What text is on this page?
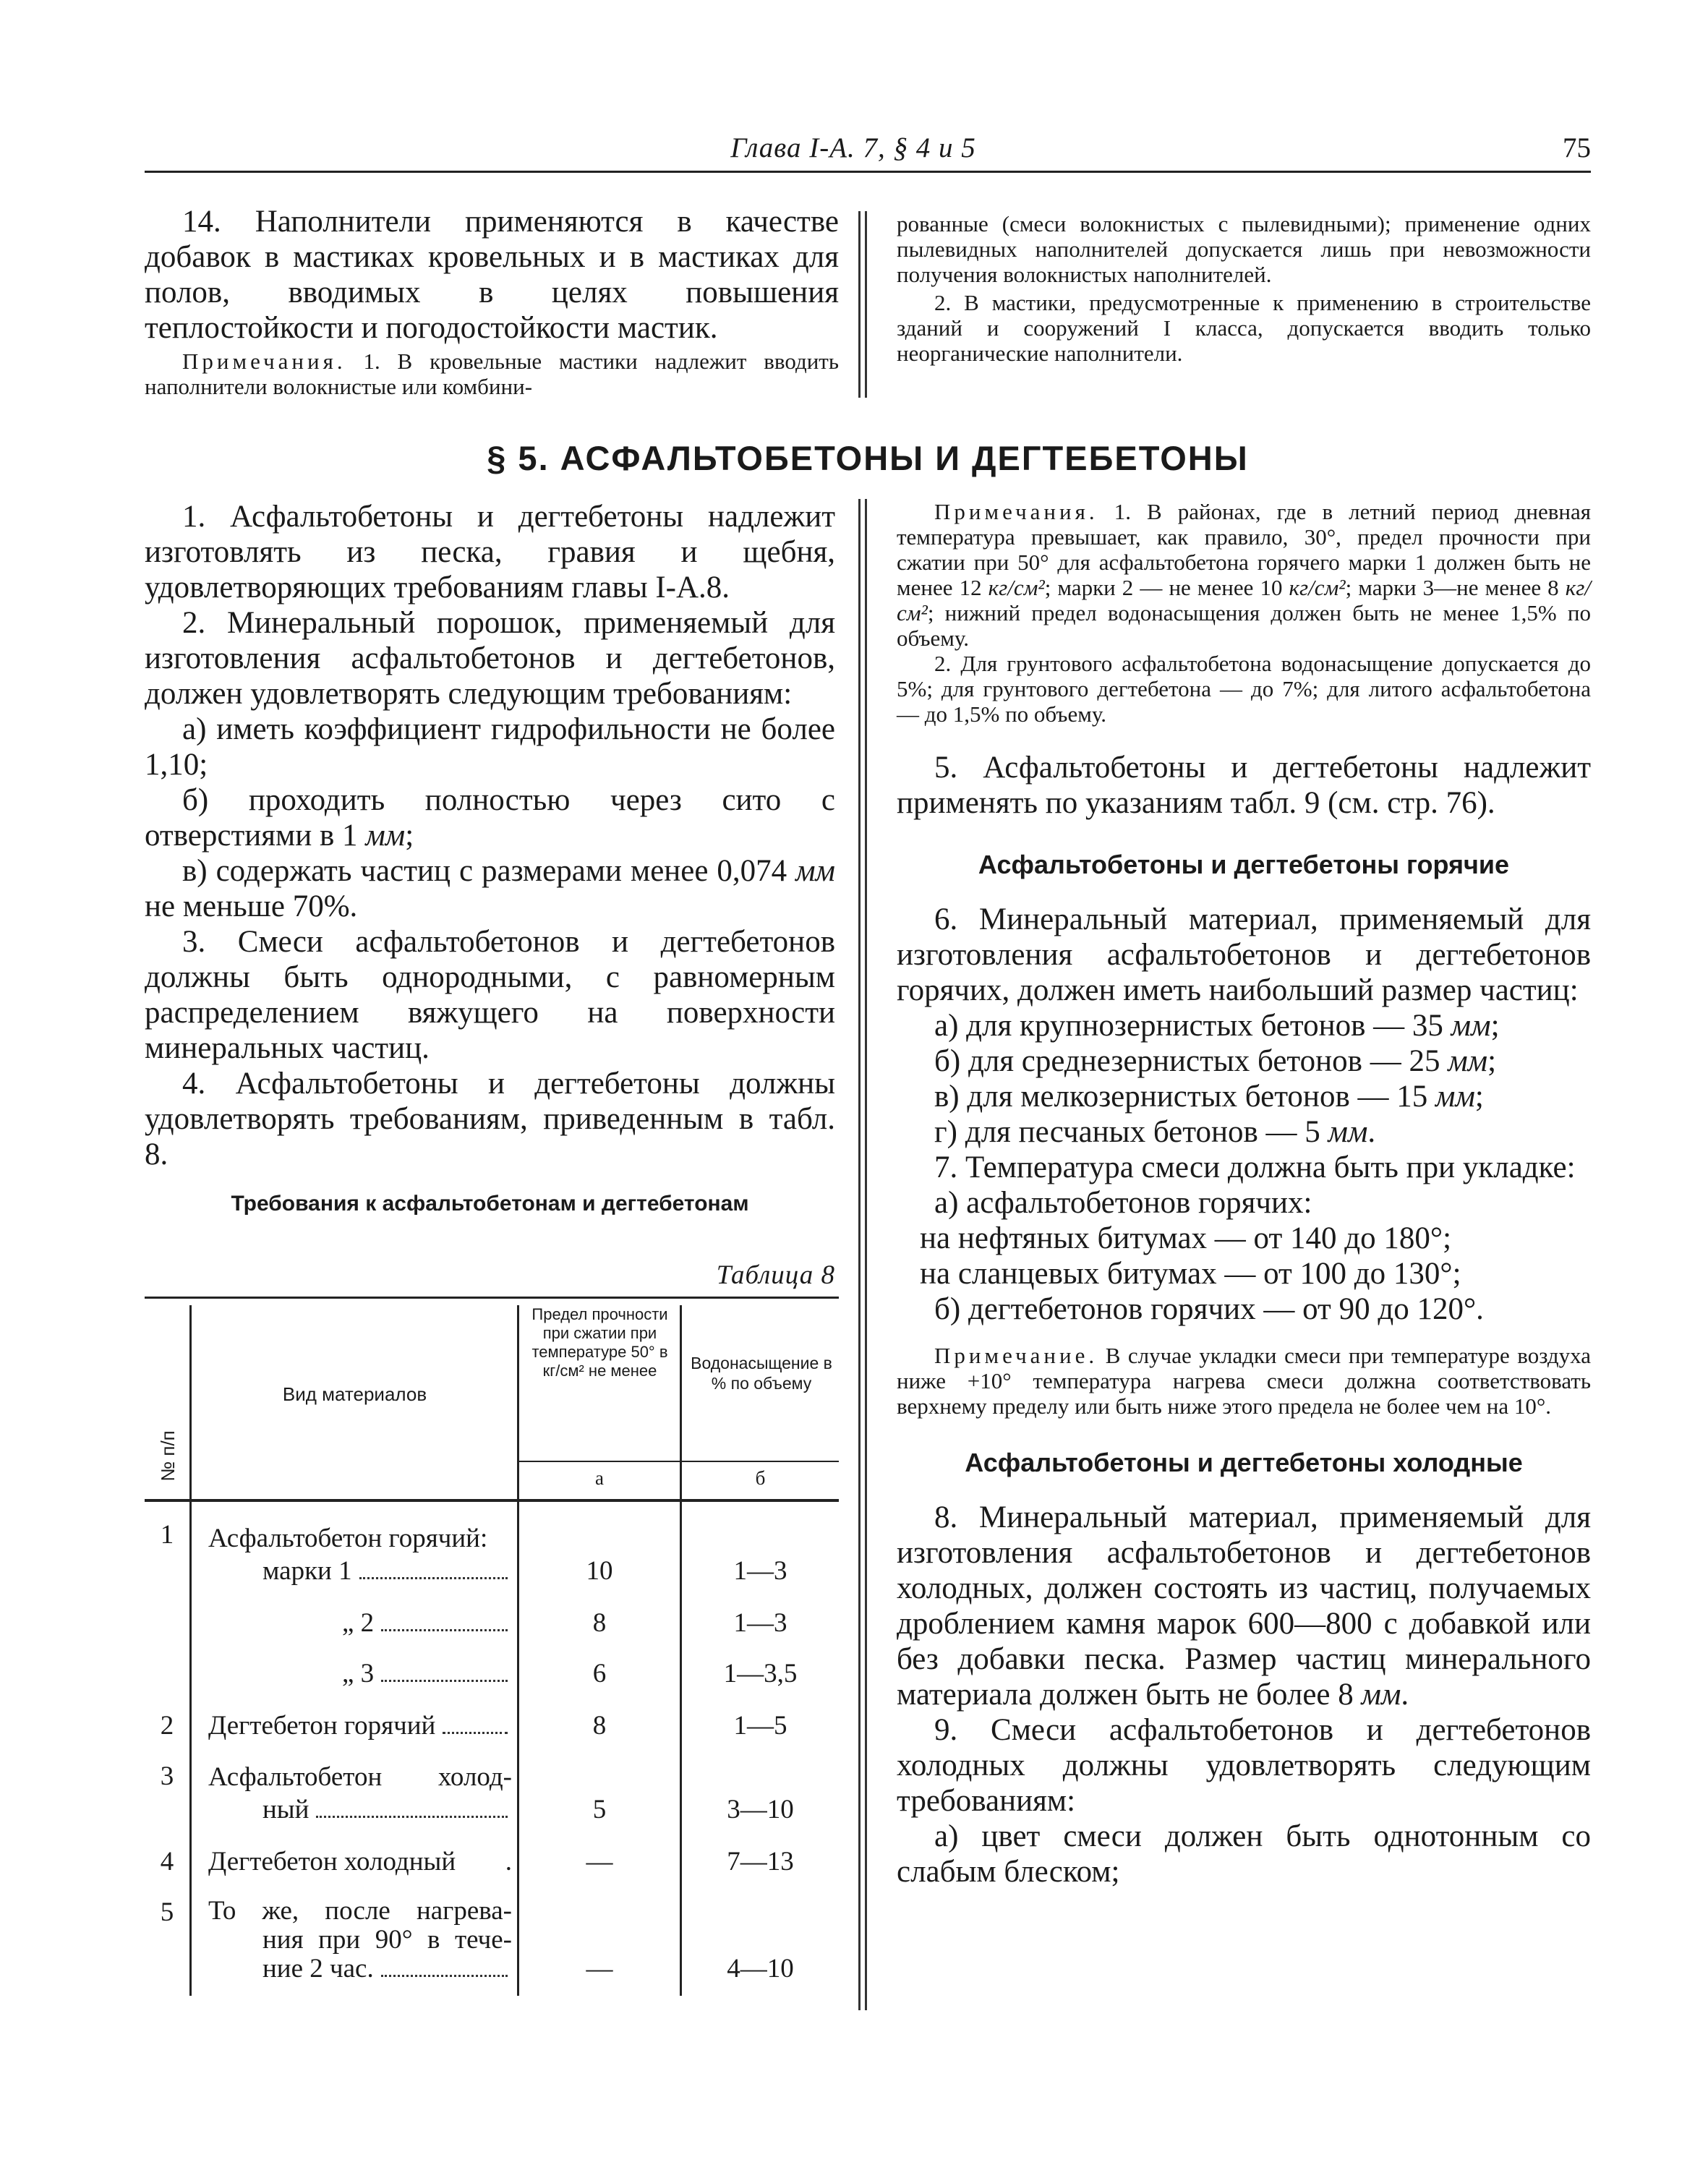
Глава I-А. 7, § 4 и 5	75

14. Наполнители применяются в качестве добавок в мастиках кровельных и в мастиках для полов, вводимых в целях повышения теплостойкости и погодостойкости мастик.

Примечания. 1. В кровельные мастики надлежит вводить наполнители волокнистые или комбини-

рованные (смеси волокнистых с пылевидными); применение одних пылевидных наполнителей допускается лишь при невозможности получения волокнистых наполнителей.

2. В мастики, предусмотренные к применению в строительстве зданий и сооружений I класса, допускается вводить только неорганические наполнители.

§ 5. АСФАЛЬТОБЕТОНЫ И ДЕГТЕБЕТОНЫ

1. Асфальтобетоны и дегтебетоны надлежит изготовлять из песка, гравия и щебня, удовлетворяющих требованиям главы I-А.8.

2. Минеральный порошок, применяемый для изготовления асфальтобетонов и дегтебетонов, должен удовлетворять следующим требованиям:

а) иметь коэффициент гидрофильности не более 1,10;

б) проходить полностью через сито с отверстиями в 1 мм;

в) содержать частиц с размерами менее 0,074 мм не меньше 70%.

3. Смеси асфальтобетонов и дегтебетонов должны быть однородными, с равномерным распределением вяжущего на поверхности минеральных частиц.

4. Асфальтобетоны и дегтебетоны должны удовлетворять требованиям, приведенным в табл. 8.

Требования к асфальтобетонам и дегтебетонам
Таблица 8
№ п/п
Вид материалов
Предел прочности при сжатии при температуре 50° в кг/см² не менее	Водонасыщение в % по объему
а	б
1	Асфальтобетон горячий:
марки 1	10	1—3
„ 2	8	1—3
„ 3	6	1—3,5
2	Дегтебетон горячий	8	1—5
3	Асфальтобетон холод-
ный	5	3—10
4	Дегтебетон холодный .	—	7—13
5	То же, после нагрева-
ния при 90° в тече-
ние 2 час.	—	4—10

Примечания. 1. В районах, где в летний период дневная температура превышает, как правило, 30°, предел прочности при сжатии при 50° для асфальтобетона горячего марки 1 должен быть не менее 12 кг/см²; марки 2 — не менее 10 кг/см²; марки 3—не менее 8 кг/см²; нижний предел водонасыщения должен быть не менее 1,5% по объему.

2. Для грунтового асфальтобетона водонасыщение допускается до 5%; для грунтового дегтебетона — до 7%; для литого асфальтобетона — до 1,5% по объему.

5. Асфальтобетоны и дегтебетоны надлежит применять по указаниям табл. 9 (см. стр. 76).

Асфальтобетоны и дегтебетоны горячие

6. Минеральный материал, применяемый для изготовления асфальтобетонов и дегтебетонов горячих, должен иметь наибольший размер частиц:

а) для крупнозернистых бетонов — 35 мм;

б) для среднезернистых бетонов — 25 мм;

в) для мелкозернистых бетонов — 15 мм;

г) для песчаных бетонов — 5 мм.

7. Температура смеси должна быть при укладке:

а) асфальтобетонов горячих:

на нефтяных битумах — от 140 до 180°;

на сланцевых битумах — от 100 до 130°;

б) дегтебетонов горячих — от 90 до 120°.

Примечание. В случае укладки смеси при температуре воздуха ниже +10° температура нагрева смеси должна соответствовать верхнему пределу или быть ниже этого предела не более чем на 10°.

Асфальтобетоны и дегтебетоны холодные

8. Минеральный материал, применяемый для изготовления асфальтобетонов и дегтебетонов холодных, должен состоять из частиц, получаемых дроблением камня марок 600—800 с добавкой или без добавки песка. Размер частиц минерального материала должен быть не более 8 мм.

9. Смеси асфальтобетонов и дегтебетонов холодных должны удовлетворять следующим требованиям:

а) цвет смеси должен быть однотонным со слабым блеском;
